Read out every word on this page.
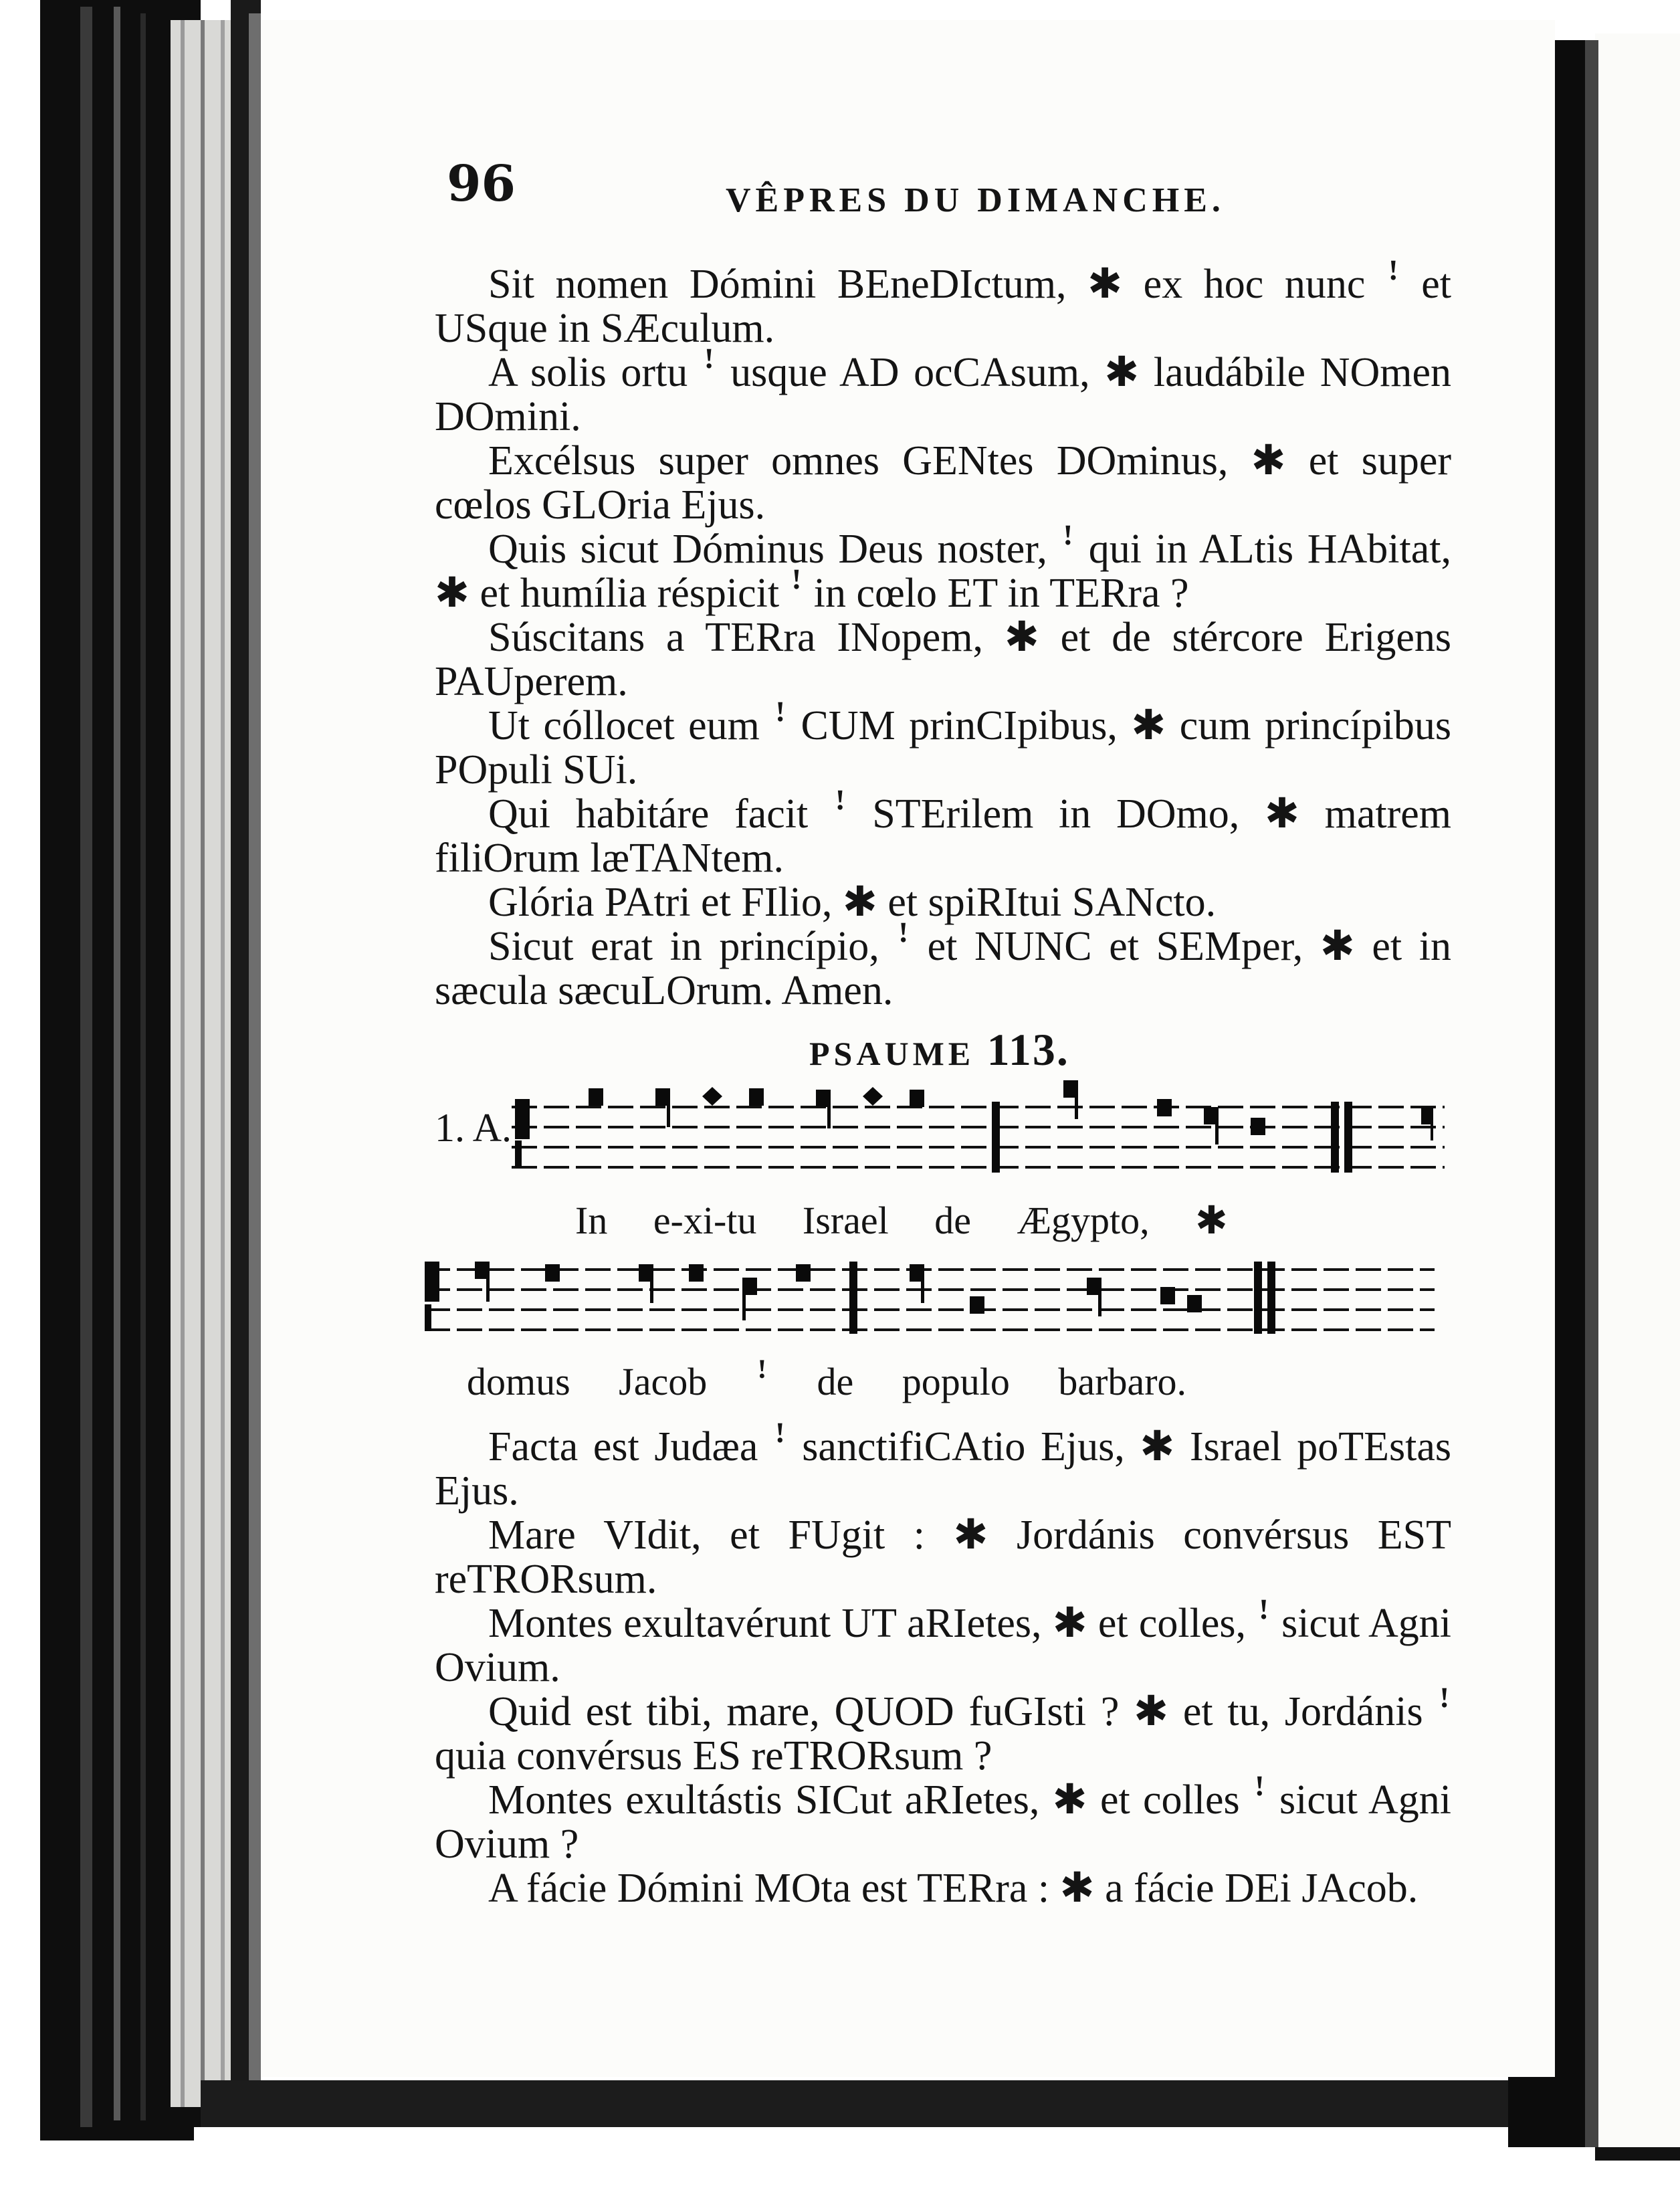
96	VÊPRES DU DIMANCHE.

Sit nomen Dómini BEneDIctum, ✱ ex hoc nunc ꜝ et USque in SÆculum.

A solis ortu ꜝ usque AD ocCAsum, ✱ laudábile NOmen DOmini.

Excélsus super omnes GENtes DOminus, ✱ et super cœlos GLOria Ejus.

Quis sicut Dóminus Deus noster, ꜝ qui in ALtis HAbitat, ✱ et humília réspicit ꜝ in cœlo ET in TERra ?

Súscitans a TERra INopem, ✱ et de stércore Erigens PAUperem.

Ut cóllocet eum ꜝ CUM prinCIpibus, ✱ cum princípibus POpuli SUi.

Qui habitáre facit ꜝ STErilem in DOmo, ✱ matrem filiOrum læTANtem.

Glória PAtri et FIlio, ✱ et spiRItui SANcto.

Sicut erat in princípio, ꜝ et NUNC et SEMper, ✱ et in sæcula sæcuLOrum. Amen.

PSAUME 113.
1. A.
In e-xi-tu Israel de Ægypto, ✱
domus Jacob ꜝ de populo barbaro.

Facta est Judæa ꜝ sanctifiCAtio Ejus, ✱ Israel poTEstas Ejus.

Mare VIdit, et FUgit : ✱ Jordánis convérsus EST reTRORsum.

Montes exultavérunt UT aRIetes, ✱ et colles, ꜝ sicut Agni Ovium.

Quid est tibi, mare, QUOD fuGIsti ? ✱ et tu, Jordánis ꜝ quia convérsus ES reTRORsum ?

Montes exultástis SICut aRIetes, ✱ et colles ꜝ sicut Agni Ovium ?

A fácie Dómini MOta est TERra : ✱ a fácie DEi JAcob.
